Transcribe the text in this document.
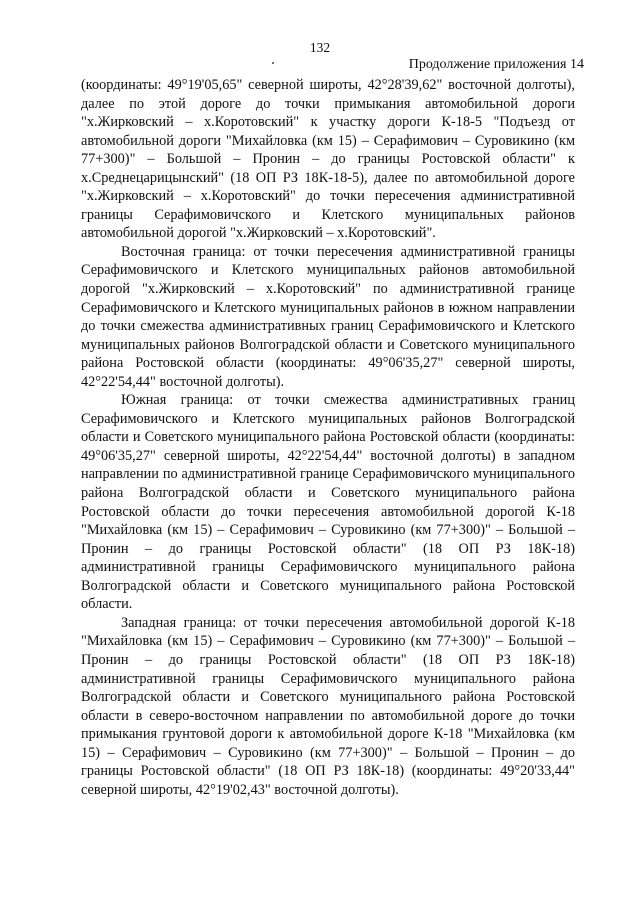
132
Продолжение приложения 14

(координаты: 49°19'05,65" северной широты, 42°28'39,62" восточной долготы), далее по этой дороге до точки примыкания автомобильной дороги "х.Жирковский – х.Коротовский" к участку дороги К-18-5 "Подъезд от автомобильной дороги "Михайловка (км 15) – Серафимович – Суровикино (км 77+300)" – Большой – Пронин – до границы Ростовской области" к х.Среднецарицынский" (18 ОП РЗ 18К-18-5), далее по автомобильной дороге "х.Жирковский – х.Коротовский" до точки пересечения административной границы Серафимовичского и Клетского муниципальных районов автомобильной дорогой "х.Жирковский – х.Коротовский".

Восточная граница: от точки пересечения административной границы Серафимовичского и Клетского муниципальных районов автомобильной дорогой "х.Жирковский – х.Коротовский" по административной границе Серафимовичского и Клетского муниципальных районов в южном направлении до точки смежества административных границ Серафимовичского и Клетского муниципальных районов Волгоградской области и Советского муниципального района Ростовской области (координаты: 49°06'35,27" северной широты, 42°22'54,44" восточной долготы).

Южная граница: от точки смежества административных границ Серафимовичского и Клетского муниципальных районов Волгоградской области и Советского муниципального района Ростовской области (координаты: 49°06'35,27" северной широты, 42°22'54,44" восточной долготы) в западном направлении по административной границе Серафимовичского муниципального района Волгоградской области и Советского муниципального района Ростовской области до точки пересечения автомобильной дорогой К-18 "Михайловка (км 15) – Серафимович – Суровикино (км 77+300)" – Большой – Пронин – до границы Ростовской области" (18 ОП РЗ 18К-18) административной границы Серафимовичского муниципального района Волгоградской области и Советского муниципального района Ростовской области.

Западная граница: от точки пересечения автомобильной дорогой К-18 "Михайловка (км 15) – Серафимович – Суровикино (км 77+300)" – Большой – Пронин – до границы Ростовской области" (18 ОП РЗ 18К-18) административной границы Серафимовичского муниципального района Волгоградской области и Советского муниципального района Ростовской области в северо-восточном направлении по автомобильной дороге до точки примыкания грунтовой дороги к автомобильной дороге К-18 "Михайловка (км 15) – Серафимович – Суровикино (км 77+300)" – Большой – Пронин – до границы Ростовской области" (18 ОП РЗ 18К-18) (координаты: 49°20'33,44" северной широты, 42°19'02,43" восточной долготы).
